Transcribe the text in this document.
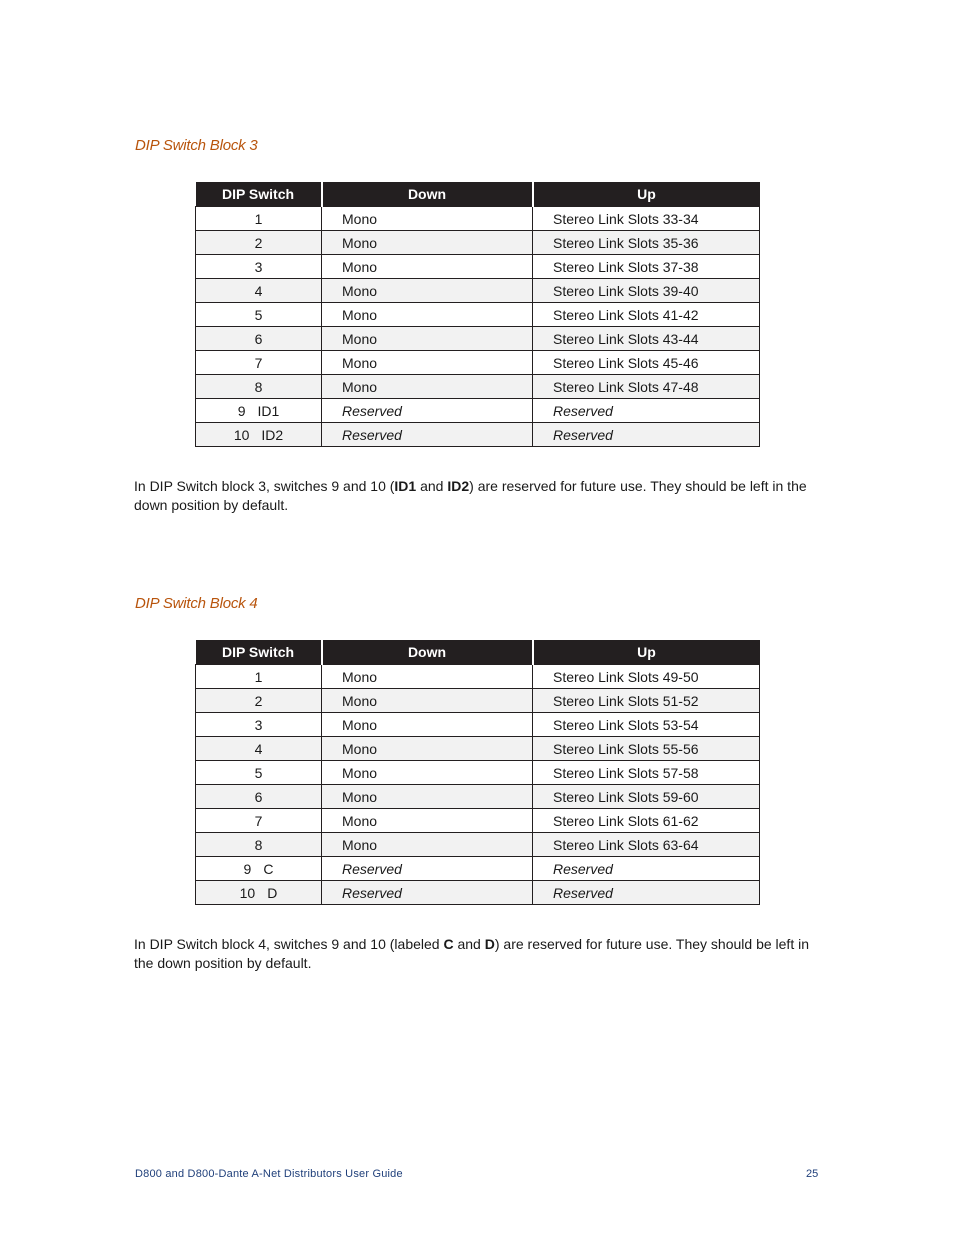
DIP Switch Block 3
DIP Switch	Down	Up
1	Mono	Stereo Link Slots 33-34
2	Mono	Stereo Link Slots 35-36
3	Mono	Stereo Link Slots 37-38
4	Mono	Stereo Link Slots 39-40
5	Mono	Stereo Link Slots 41-42
6	Mono	Stereo Link Slots 43-44
7	Mono	Stereo Link Slots 45-46
8	Mono	Stereo Link Slots 47-48
9 ID1	Reserved	Reserved
10 ID2	Reserved	Reserved

In DIP Switch block 3, switches 9 and 10 (ID1 and ID2) are reserved for future use. They should be left in the down position by default.

DIP Switch Block 4
DIP Switch	Down	Up
1	Mono	Stereo Link Slots 49-50
2	Mono	Stereo Link Slots 51-52
3	Mono	Stereo Link Slots 53-54
4	Mono	Stereo Link Slots 55-56
5	Mono	Stereo Link Slots 57-58
6	Mono	Stereo Link Slots 59-60
7	Mono	Stereo Link Slots 61-62
8	Mono	Stereo Link Slots 63-64
9 C	Reserved	Reserved
10 D	Reserved	Reserved

In DIP Switch block 4, switches 9 and 10 (labeled C and D) are reserved for future use. They should be left in the down position by default.

D800 and D800-Dante A-Net Distributors User Guide	25
